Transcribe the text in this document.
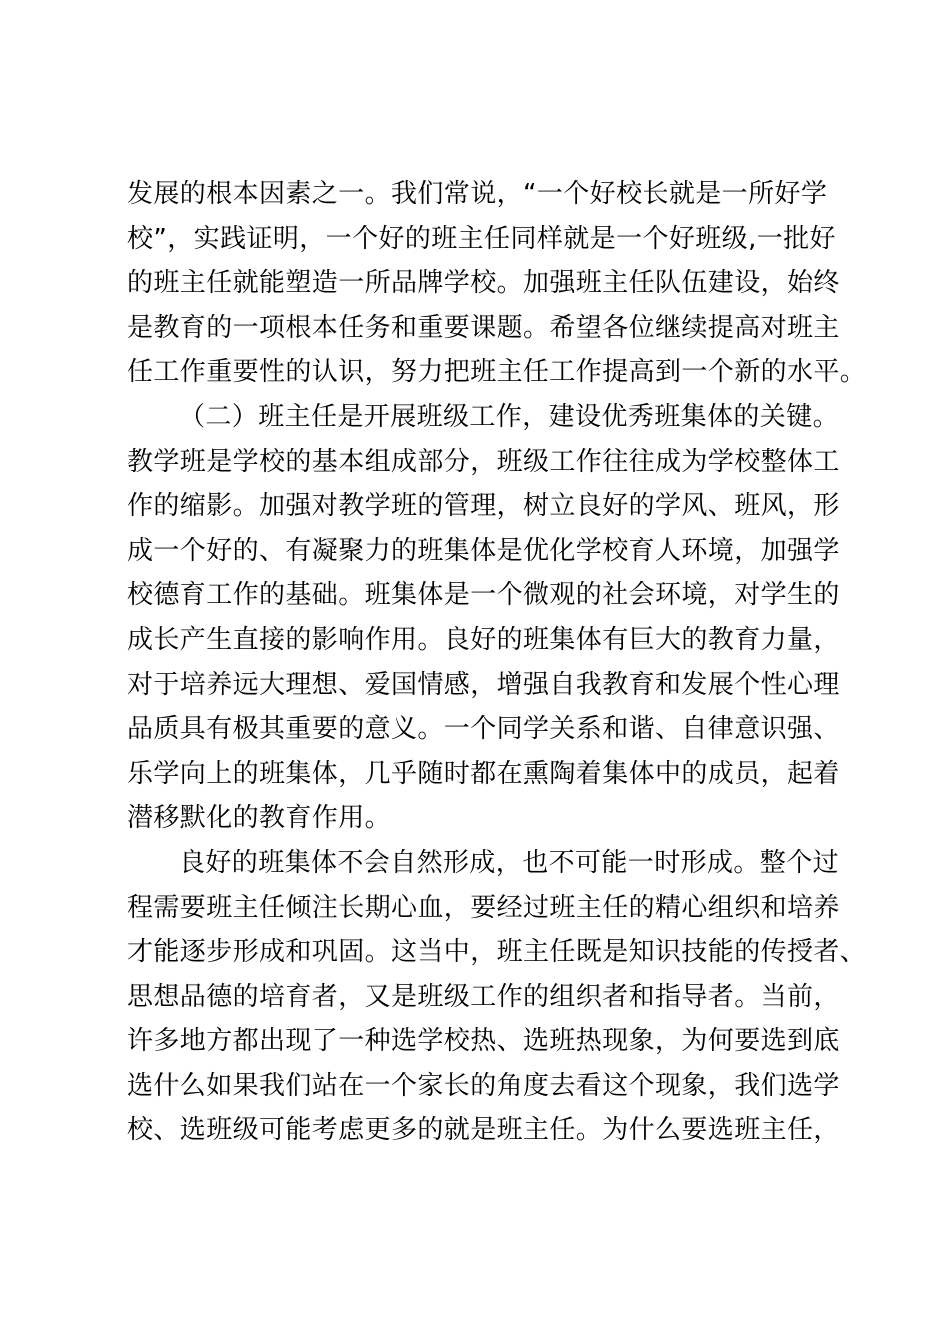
发展的根本因素之一。我们常说，“一个好校长就是一所好学
校”，实践证明，一个好的班主任同样就是一个好班级,一批好
的班主任就能塑造一所品牌学校。加强班主任队伍建设，始终
是教育的一项根本任务和重要课题。希望各位继续提高对班主
任工作重要性的认识，努力把班主任工作提高到一个新的水平。
（二）班主任是开展班级工作，建设优秀班集体的关键。
教学班是学校的基本组成部分，班级工作往往成为学校整体工
作的缩影。加强对教学班的管理，树立良好的学风、班风，形
成一个好的、有凝聚力的班集体是优化学校育人环境，加强学
校德育工作的基础。班集体是一个微观的社会环境，对学生的
成长产生直接的影响作用。良好的班集体有巨大的教育力量，
对于培养远大理想、爱国情感，增强自我教育和发展个性心理
品质具有极其重要的意义。一个同学关系和谐、自律意识强、
乐学向上的班集体，几乎随时都在熏陶着集体中的成员，起着
潜移默化的教育作用。
良好的班集体不会自然形成，也不可能一时形成。整个过
程需要班主任倾注长期心血，要经过班主任的精心组织和培养
才能逐步形成和巩固。这当中，班主任既是知识技能的传授者、
思想品德的培育者，又是班级工作的组织者和指导者。当前，
许多地方都出现了一种选学校热、选班热现象，为何要选到底
选什么如果我们站在一个家长的角度去看这个现象，我们选学
校、选班级可能考虑更多的就是班主任。为什么要选班主任，
